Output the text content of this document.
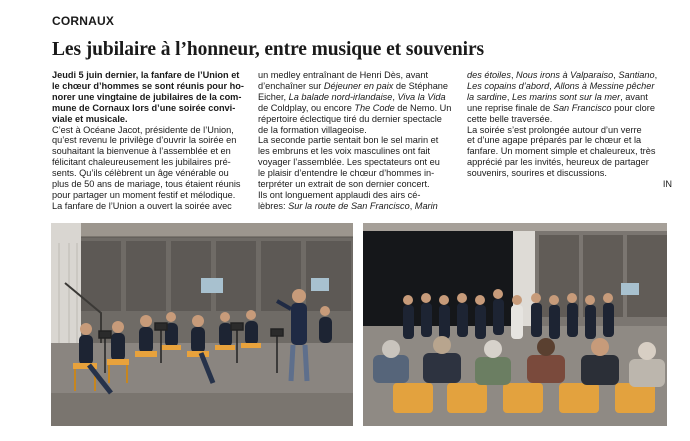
CORNAUX
Les jubilaire à l’honneur, entre musique et souvenirs

Jeudi 5 juin dernier, la fanfare de l’Union et

le chœur d’hommes se sont réunis pour ho-

norer une vingtaine de jubilaires de la com-

mune de Cornaux lors d’une soirée convi-

viale et musicale.

C’est à Océane Jacot, présidente de l’Union,

qu’est revenu le privilège d’ouvrir la soirée en

souhaitant la bienvenue à l’assemblée et en

félicitant chaleureusement les jubilaires pré-

sents. Qu’ils célèbrent un âge vénérable ou

plus de 50 ans de mariage, tous étaient réunis

pour partager un moment festif et mélodique.

La fanfare de l’Union a ouvert la soirée avec

un medley entraînant de Henri Dès, avant

d’enchaîner sur Déjeuner en paix de Stéphane

Eicher, La balade nord-irlandaise, Viva la Vida

de Coldplay, ou encore The Code de Nemo. Un

répertoire éclectique tiré du dernier spectacle

de la formation villageoise.

La seconde partie sentait bon le sel marin et

les embruns et les voix masculines ont fait

voyager l’assemblée. Les spectateurs ont eu

le plaisir d’entendre le chœur d’hommes in-

terpréter un extrait de son dernier concert.

Ils ont longuement applaudi des airs cé-

lèbres: Sur la route de San Francisco, Marin

des étoiles, Nous irons à Valparaiso, Santiano,

Les copains d’abord, Allons à Messine pêcher

la sardine, Les marins sont sur la mer, avant

une reprise finale de San Francisco pour clore

cette belle traversée.

La soirée s’est prolongée autour d’un verre

et d’une agape préparés par le chœur et la

fanfare. Un moment simple et chaleureux, très

apprécié par les invités, heureux de partager

souvenirs, sourires et discussions.

IN
